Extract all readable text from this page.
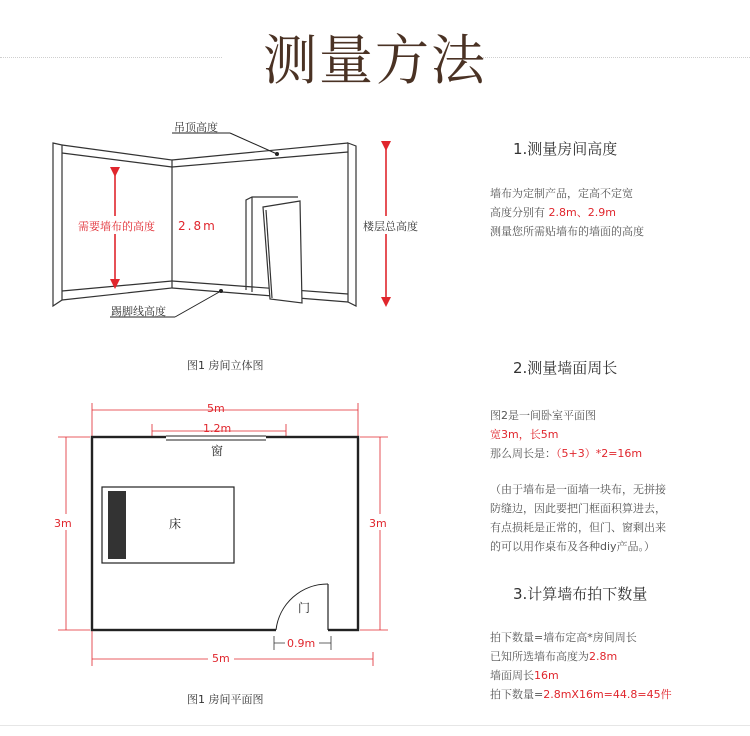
测量方法
吊顶高度
踢脚线高度
需要墙布的高度 2.8m	楼层总高度
图1 房间立体图
5m
1.2m
窗
床
3m	3m
门
0.9m
5m
图1 房间平面图
1.测量房间高度
墙布为定制产品，定高不定宽
高度分别有 2.8m、2.9m
测量您所需贴墙布的墙面的高度
2.测量墙面周长
图2是一间卧室平面图
宽3m，长5m
那么周长是：（5+3）*2=16m
（由于墙布是一面墙一块布，无拼接
防缝边，因此要把门框面积算进去，
有点损耗是正常的，但门、窗剩出来
的可以用作桌布及各种diy产品。）
3.计算墙布拍下数量
拍下数量=墙布定高*房间周长
已知所选墙布高度为2.8m
墙面周长16m
拍下数量=2.8mX16m=44.8=45件
